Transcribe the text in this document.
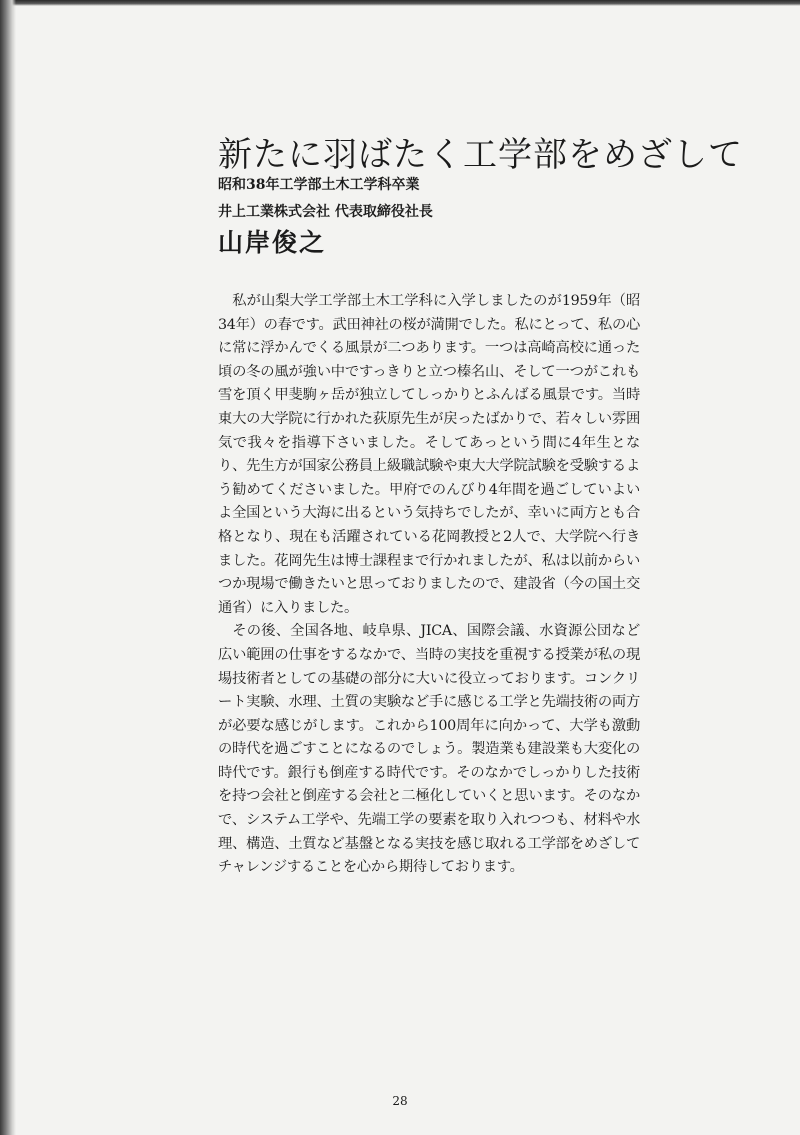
新たに羽ばたく工学部をめざして
昭和38年工学部土木工学科卒業
井上工業株式会社 代表取締役社長
山岸俊之

私が山梨大学工学部土木工学科に入学しましたのが1959年（昭34年）の春です。武田神社の桜が満開でした。私にとって、私の心に常に浮かんでくる風景が二つあります。一つは高崎高校に通った頃の冬の風が強い中ですっきりと立つ榛名山、そして一つがこれも雪を頂く甲斐駒ヶ岳が独立してしっかりとふんばる風景です。当時東大の大学院に行かれた荻原先生が戻ったばかりで、若々しい雰囲気で我々を指導下さいました。そしてあっという間に4年生となり、先生方が国家公務員上級職試験や東大大学院試験を受験するよう勧めてくださいました。甲府でのんびり4年間を過ごしていよいよ全国という大海に出るという気持ちでしたが、幸いに両方とも合格となり、現在も活躍されている花岡教授と2人で、大学院へ行きました。花岡先生は博士課程まで行かれましたが、私は以前からいつか現場で働きたいと思っておりましたので、建設省（今の国土交通省）に入りました。

その後、全国各地、岐阜県、JICA、国際会議、水資源公団など広い範囲の仕事をするなかで、当時の実技を重視する授業が私の現場技術者としての基礎の部分に大いに役立っております。コンクリート実験、水理、土質の実験など手に感じる工学と先端技術の両方が必要な感じがします。これから100周年に向かって、大学も激動の時代を過ごすことになるのでしょう。製造業も建設業も大変化の時代です。銀行も倒産する時代です。そのなかでしっかりした技術を持つ会社と倒産する会社と二極化していくと思います。そのなかで、システム工学や、先端工学の要素を取り入れつつも、材料や水理、構造、土質など基盤となる実技を感じ取れる工学部をめざしてチャレンジすることを心から期待しております。

28
